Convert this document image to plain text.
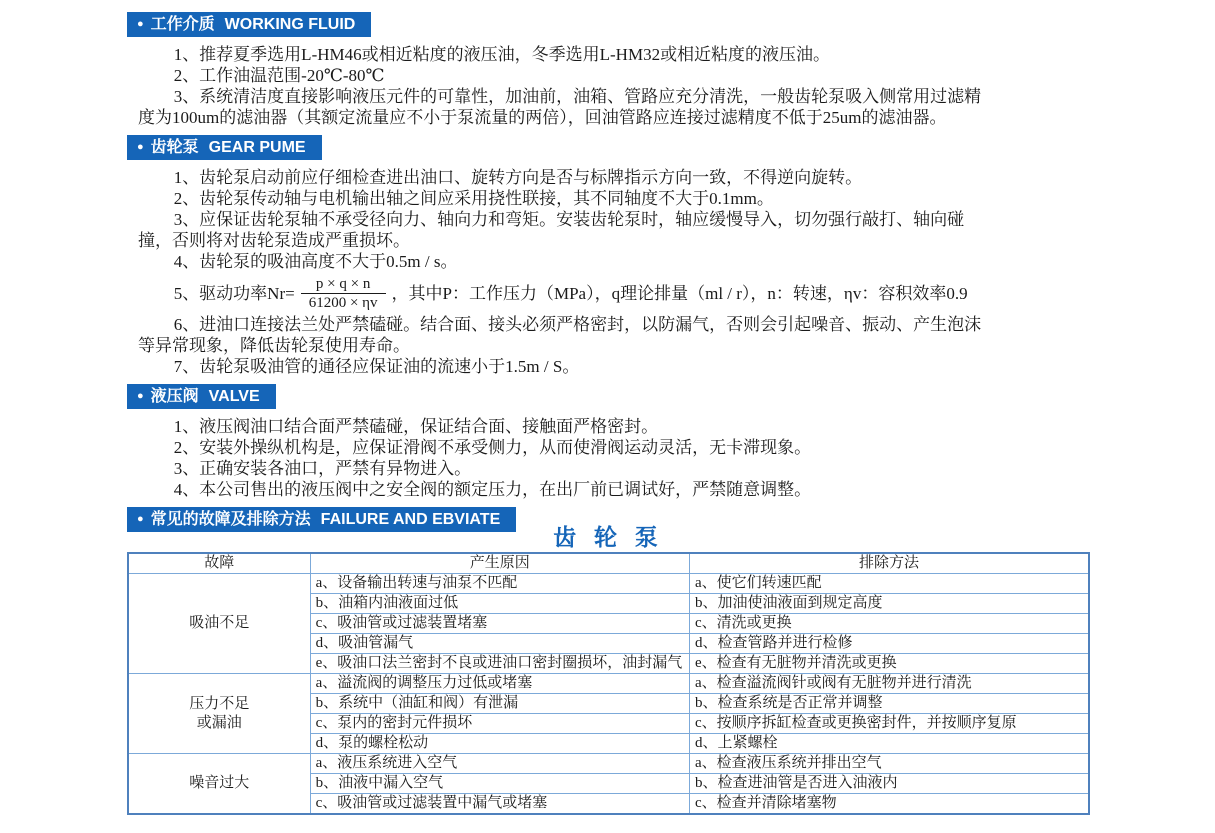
● 工作介质 WORKING FLUID

1、推荐夏季选用L-HM46或相近粘度的液压油，冬季选用L-HM32或相近粘度的液压油。

2、工作油温范围-20℃-80℃

3、系统清洁度直接影响液压元件的可靠性，加油前，油箱、管路应充分清洗，一般齿轮泵吸入侧常用过滤精度为100um的滤油器（其额定流量应不小于泵流量的两倍），回油管路应连接过滤精度不低于25um的滤油器。

● 齿轮泵 GEAR PUME

1、齿轮泵启动前应仔细检查进出油口、旋转方向是否与标牌指示方向一致，不得逆向旋转。

2、齿轮泵传动轴与电机输出轴之间应采用挠性联接，其不同轴度不大于0.1mm。

3、应保证齿轮泵轴不承受径向力、轴向力和弯矩。安装齿轮泵时，轴应缓慢导入，切勿强行敲打、轴向碰撞，否则将对齿轮泵造成严重损坏。

4、齿轮泵的吸油高度不大于0.5m / s。

5、驱动功率$Nr= \frac{p \times q \times n}{61200 \times \eta v}$ ，其中P：工作压力（MPa），q理论排量（ml / r），n：转速，ηv：容积效率0.9

6、进油口连接法兰处严禁磕碰。结合面、接头必须严格密封，以防漏气，否则会引起噪音、振动、产生泡沫等异常现象，降低齿轮泵使用寿命。

7、齿轮泵吸油管的通径应保证油的流速小于1.5m / S。

● 液压阀 VALVE

1、液压阀油口结合面严禁磕碰，保证结合面、接触面严格密封。

2、安装外操纵机构是，应保证滑阀不承受侧力，从而使滑阀运动灵活，无卡滞现象。

3、正确安装各油口，严禁有异物进入。

4、本公司售出的液压阀中之安全阀的额定压力，在出厂前已调试好，严禁随意调整。

● 常见的故障及排除方法 FAILURE AND EBVIATE
齿 轮 泵
故障	产生原因	排除方法

吸油不足	a、设备输出转速与油泵不匹配	a、使它们转速匹配
	b、油箱内油液面过低	b、加油使油液面到规定高度
	c、吸油管或过滤装置堵塞	c、清洗或更换
	d、吸油管漏气	d、检查管路并进行检修
	e、吸油口法兰密封不良或进油口密封圈损坏，油封漏气	e、检查有无脏物并清洗或更换

压力不足
或漏油	a、溢流阀的调整压力过低或堵塞	a、检查溢流阀针或阀有无脏物并进行清洗
	b、系统中（油缸和阀）有泄漏	b、检查系统是否正常并调整
	c、泵内的密封元件损坏	c、按顺序拆缸检查或更换密封件，并按顺序复原
	d、泵的螺栓松动	d、上紧螺栓

噪音过大	a、液压系统进入空气	a、检查液压系统并排出空气
	b、油液中漏入空气	b、检查进油管是否进入油液内
	c、吸油管或过滤装置中漏气或堵塞	c、检查并清除堵塞物
